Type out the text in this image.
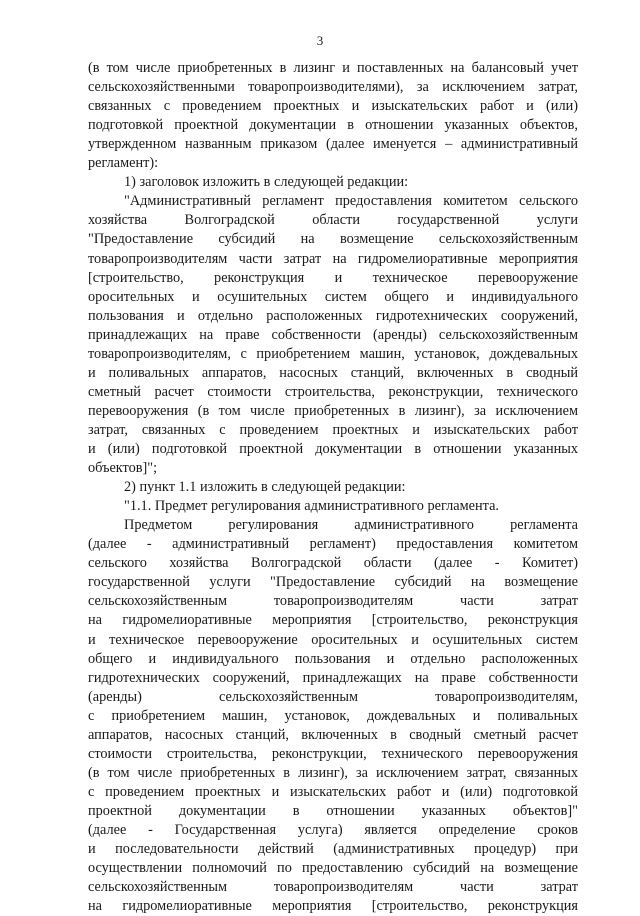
3
(в том числе приобретенных в лизинг и поставленных на балансовый учет
сельскохозяйственными товаропроизводителями), за исключением затрат,
связанных с проведением проектных и изыскательских работ и (или)
подготовкой проектной документации в отношении указанных объектов,
утвержденном названным приказом (далее именуется – административный
регламент):
1) заголовок изложить в следующей редакции:
"Административный регламент предоставления комитетом сельского
хозяйства Волгоградской области государственной услуги
"Предоставление субсидий на возмещение сельскохозяйственным
товаропроизводителям части затрат на гидромелиоративные мероприятия
[строительство, реконструкция и техническое перевооружение
оросительных и осушительных систем общего и индивидуального
пользования и отдельно расположенных гидротехнических сооружений,
принадлежащих на праве собственности (аренды) сельскохозяйственным
товаропроизводителям, с приобретением машин, установок, дождевальных
и поливальных аппаратов, насосных станций, включенных в сводный
сметный расчет стоимости строительства, реконструкции, технического
перевооружения (в том числе приобретенных в лизинг), за исключением
затрат, связанных с проведением проектных и изыскательских работ
и (или) подготовкой проектной документации в отношении указанных
объектов]";
2) пункт 1.1 изложить в следующей редакции:
"1.1. Предмет регулирования административного регламента.
Предметом регулирования административного регламента
(далее - административный регламент) предоставления комитетом
сельского хозяйства Волгоградской области (далее - Комитет)
государственной услуги "Предоставление субсидий на возмещение
сельскохозяйственным товаропроизводителям части затрат
на гидромелиоративные мероприятия [строительство, реконструкция
и техническое перевооружение оросительных и осушительных систем
общего и индивидуального пользования и отдельно расположенных
гидротехнических сооружений, принадлежащих на праве собственности
(аренды) сельскохозяйственным товаропроизводителям,
с приобретением машин, установок, дождевальных и поливальных
аппаратов, насосных станций, включенных в сводный сметный расчет
стоимости строительства, реконструкции, технического перевооружения
(в том числе приобретенных в лизинг), за исключением затрат, связанных
с проведением проектных и изыскательских работ и (или) подготовкой
проектной документации в отношении указанных объектов]"
(далее - Государственная услуга) является определение сроков
и последовательности действий (административных процедур) при
осуществлении полномочий по предоставлению субсидий на возмещение
сельскохозяйственным товаропроизводителям части затрат
на гидромелиоративные мероприятия [строительство, реконструкция
